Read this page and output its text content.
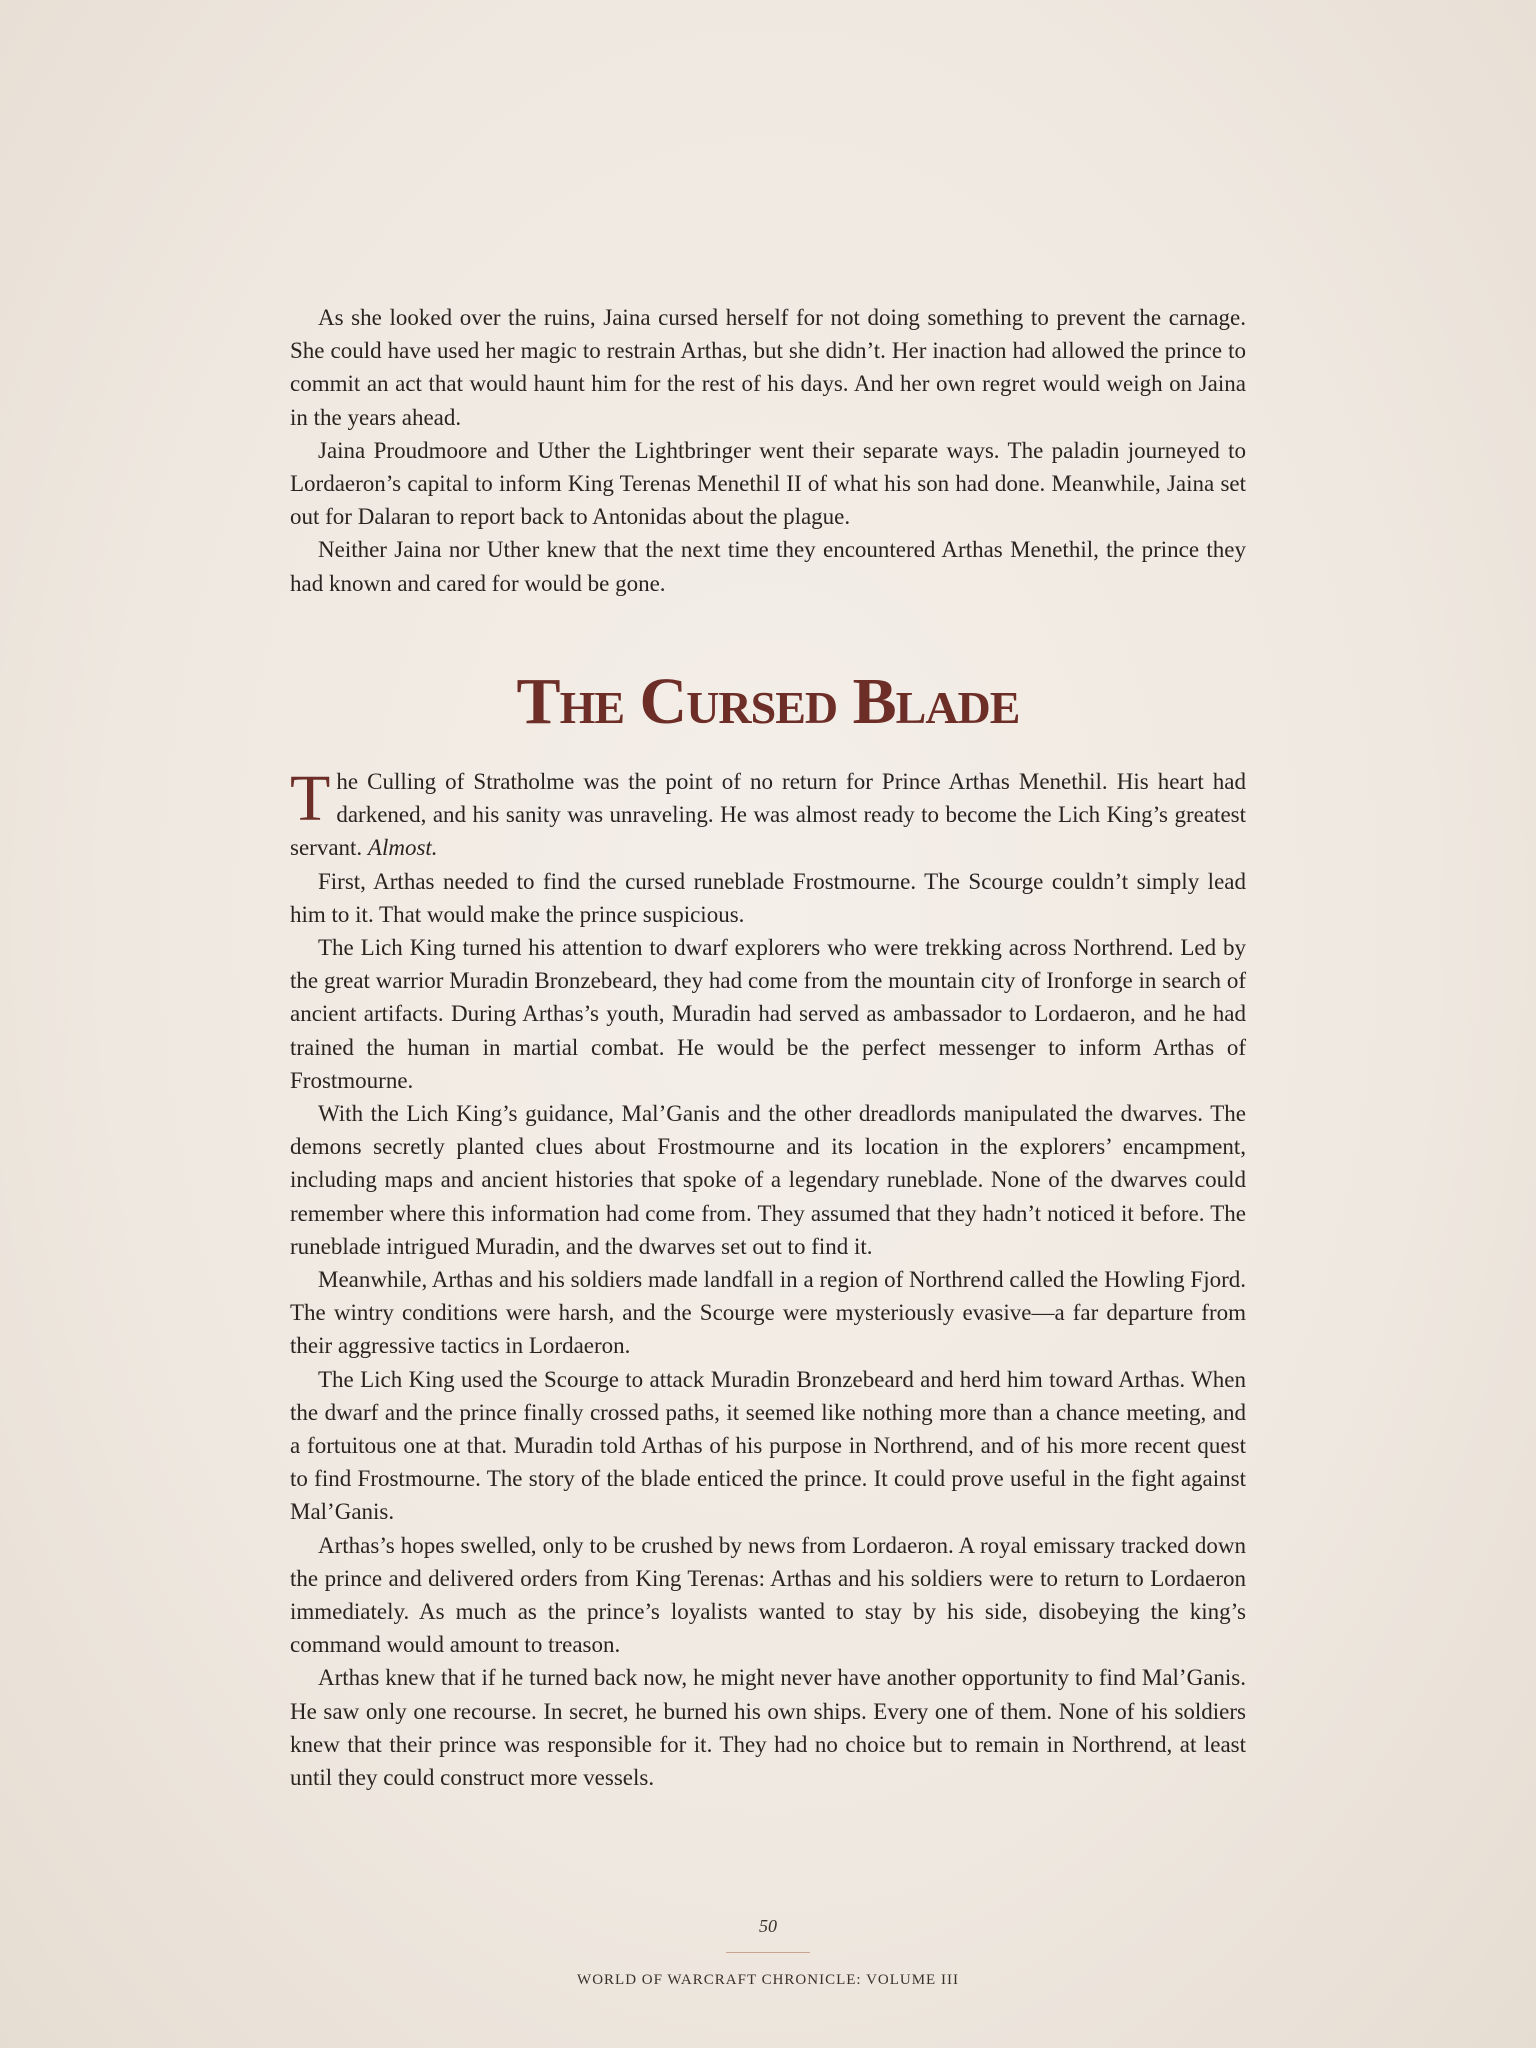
As she looked over the ruins, Jaina cursed herself for not doing something to prevent the carnage. She could have used her magic to restrain Arthas, but she didn’t. Her inaction had allowed the prince to commit an act that would haunt him for the rest of his days. And her own regret would weigh on Jaina in the years ahead.

Jaina Proudmoore and Uther the Lightbringer went their separate ways. The paladin journeyed to Lordaeron’s capital to inform King Terenas Menethil II of what his son had done. Meanwhile, Jaina set out for Dalaran to report back to Antonidas about the plague.

Neither Jaina nor Uther knew that the next time they encountered Arthas Menethil, the prince they had known and cared for would be gone.

The Cursed Blade

The Culling of Stratholme was the point of no return for Prince Arthas Menethil. His heart had darkened, and his sanity was unraveling. He was almost ready to become the Lich King’s greatest servant. Almost.

First, Arthas needed to find the cursed runeblade Frostmourne. The Scourge couldn’t simply lead him to it. That would make the prince suspicious.

The Lich King turned his attention to dwarf explorers who were trekking across Northrend. Led by the great warrior Muradin Bronzebeard, they had come from the mountain city of Ironforge in search of ancient artifacts. During Arthas’s youth, Muradin had served as ambassador to Lordaeron, and he had trained the human in martial combat. He would be the perfect messenger to inform Arthas of Frostmourne.

With the Lich King’s guidance, Mal’Ganis and the other dreadlords manipulated the dwarves. The demons secretly planted clues about Frostmourne and its location in the explorers’ encampment, including maps and ancient histories that spoke of a legendary runeblade. None of the dwarves could remember where this information had come from. They assumed that they hadn’t noticed it before. The runeblade intrigued Muradin, and the dwarves set out to find it.

Meanwhile, Arthas and his soldiers made landfall in a region of Northrend called the Howling Fjord. The wintry conditions were harsh, and the Scourge were mysteriously evasive—a far departure from their aggressive tactics in Lordaeron.

The Lich King used the Scourge to attack Muradin Bronzebeard and herd him toward Arthas. When the dwarf and the prince finally crossed paths, it seemed like nothing more than a chance meeting, and a fortuitous one at that. Muradin told Arthas of his purpose in Northrend, and of his more recent quest to find Frostmourne. The story of the blade enticed the prince. It could prove useful in the fight against Mal’Ganis.

Arthas’s hopes swelled, only to be crushed by news from Lordaeron. A royal emissary tracked down the prince and delivered orders from King Terenas: Arthas and his soldiers were to return to Lordaeron immediately. As much as the prince’s loyalists wanted to stay by his side, disobeying the king’s command would amount to treason.

Arthas knew that if he turned back now, he might never have another opportunity to find Mal’Ganis. He saw only one recourse. In secret, he burned his own ships. Every one of them. None of his soldiers knew that their prince was responsible for it. They had no choice but to remain in Northrend, at least until they could construct more vessels.

50
WORLD OF WARCRAFT CHRONICLE: VOLUME III
